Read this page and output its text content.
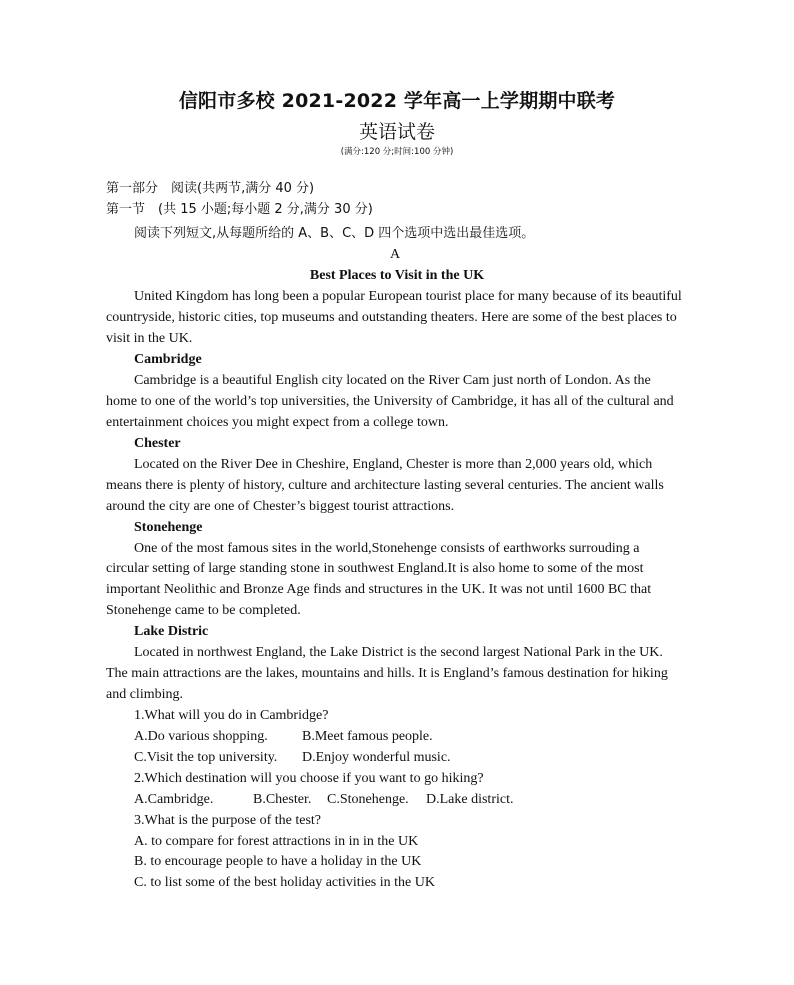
信阳市多校 2021-2022 学年高一上学期期中联考
英语试卷
(满分:120 分;时间:100 分钟)
第一部分　阅读(共两节,满分 40 分)
第一节　(共 15 小题;每小题 2 分,满分 30 分)
阅读下列短文,从每题所给的 A、B、C、D 四个选项中选出最佳选项。
A
Best Places to Visit in the UK
United Kingdom has long been a popular European tourist place for many because of its beautiful
countryside, historic cities, top museums and outstanding theaters. Here are some of the best places to
visit in the UK.
Cambridge
Cambridge is a beautiful English city located on the River Cam just north of London. As the
home to one of the world’s top universities, the University of Cambridge, it has all of the cultural and
entertainment choices you might expect from a college town.
Chester
Located on the River Dee in Cheshire, England, Chester is more than 2,000 years old, which
means there is plenty of history, culture and architecture lasting several centuries. The ancient walls
around the city are one of Chester’s biggest tourist attractions.
Stonehenge
One of the most famous sites in the world,Stonehenge consists of earthworks surrouding a
circular setting of large standing stone in southwest England.It is also home to some of the most
important Neolithic and Bronze Age finds and structures in the UK. It was not until 1600 BC that
Stonehenge came to be completed.
Lake Distric
Located in northwest England, the Lake District is the second largest National Park in the UK.
The main attractions are the lakes, mountains and hills. It is England’s famous destination for hiking
and climbing.
1.What will you do in Cambridge?
A.Do various shopping. B.Meet famous people.
C.Visit the top university. D.Enjoy wonderful music.
2.Which destination will you choose if you want to go hiking?
A.Cambridge.	B.Chester. C.Stonehenge. D.Lake district.
3.What is the purpose of the test?
A. to compare for forest attractions in in in the UK
B. to encourage people to have a holiday in the UK
C. to list some of the best holiday activities in the UK
